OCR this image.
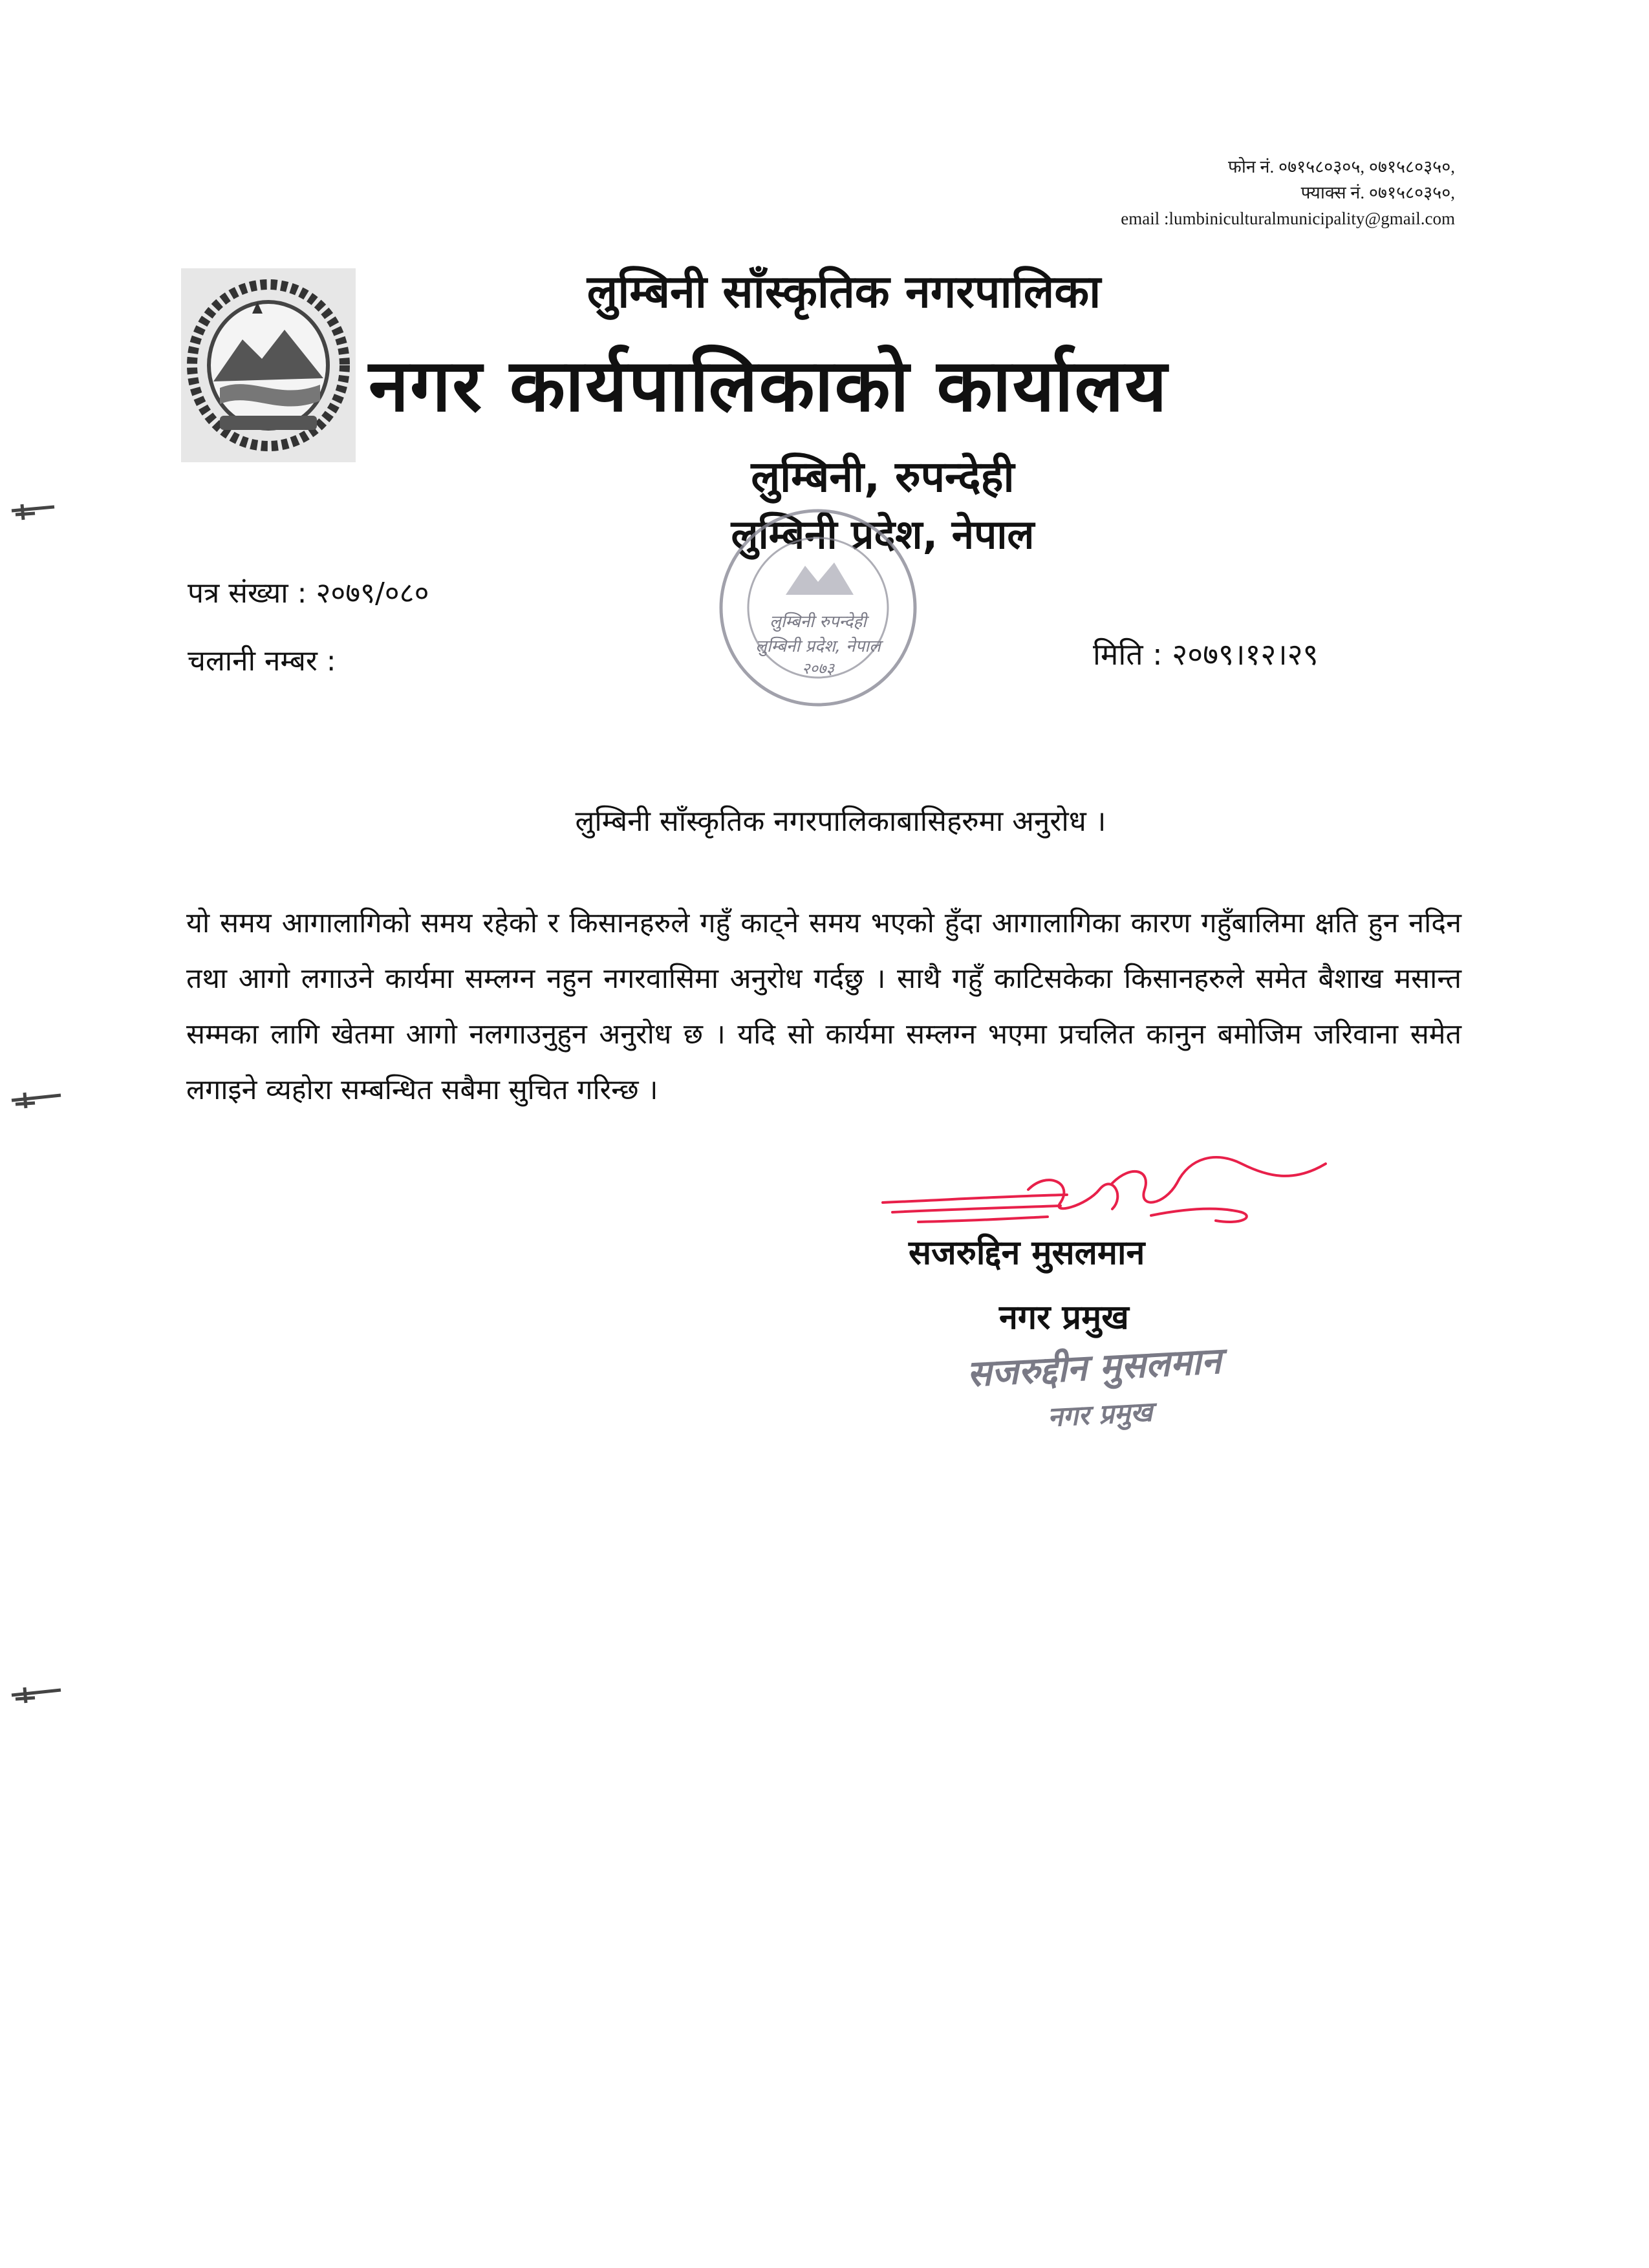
फोन नं. ०७१५८०३०५, ०७१५८०३५०,
फ्याक्स नं. ०७१५८०३५०,
email :lumbiniculturalmunicipality@gmail.com
लुम्बिनी साँस्कृतिक नगरपालिका
नगर कार्यपालिकाको कार्यालय
लुम्बिनी, रुपन्देही
लुम्बिनी प्रदेश, नेपाल
लुम्बिनी रुपन्देही
लुम्बिनी प्रदेश, नेपाल
२०७३
पत्र संख्या : २०७९/०८०
चलानी नम्बर :	मिति : २०७९।१२।२९
लुम्बिनी साँस्कृतिक नगरपालिकाबासिहरुमा अनुरोध ।
यो समय आगालागिको समय रहेको र किसानहरुले गहुँ काट्ने समय भएको हुँदा आगालागिका कारण गहुँबालिमा क्षति हुन नदिन तथा आगो लगाउने कार्यमा सम्लग्न नहुन नगरवासिमा अनुरोध गर्दछु । साथै गहुँ काटिसकेका किसानहरुले समेत बैशाख मसान्त सम्मका लागि खेतमा आगो नलगाउनुहुन अनुरोध छ । यदि सो कार्यमा सम्लग्न भएमा प्रचलित कानुन बमोजिम जरिवाना समेत लगाइने व्यहोरा सम्बन्धित सबैमा सुचित गरिन्छ ।
सजरुद्दिन मुसलमान
नगर प्रमुख
सजरुद्दीन मुसलमान
नगर प्रमुख
